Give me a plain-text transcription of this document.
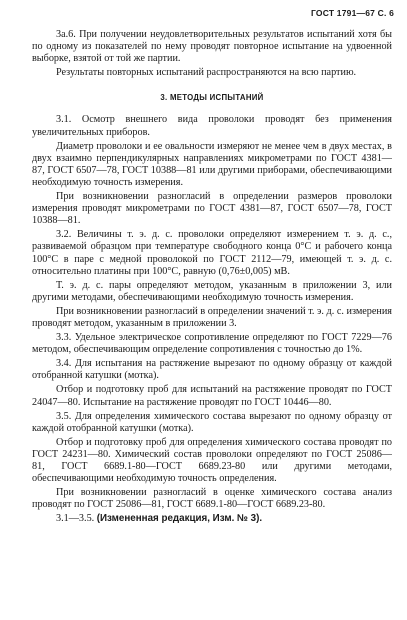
ГОСТ 1791—67 С. 6

3а.6. При получении неудовлетворительных результатов испытаний хотя бы по одному из показателей по нему проводят повторное испытание на удвоенной выборке, взятой от той же партии.

Результаты повторных испытаний распространяются на всю партию.

3. МЕТОДЫ ИСПЫТАНИЙ

3.1. Осмотр внешнего вида проволоки проводят без применения увеличительных приборов.

Диаметр проволоки и ее овальности измеряют не менее чем в двух местах, в двух взаимно перпендикулярных направлениях микрометрами по ГОСТ 4381—87, ГОСТ 6507—78, ГОСТ 10388—81 или другими приборами, обеспечивающими необходимую точность измерения.

При возникновении разногласий в определении размеров проволоки измерения проводят микрометрами по ГОСТ 4381—87, ГОСТ 6507—78, ГОСТ 10388—81.

3.2. Величины т. э. д. с. проволоки определяют измерением т. э. д. с., развиваемой образцом при температуре свободного конца 0°С и рабочего конца 100°С в паре с медной проволокой по ГОСТ 2112—79, имеющей т. э. д. с. относительно платины при 100°С, равную (0,76±0,005) мВ.

Т. э. д. с. пары определяют методом, указанным в приложении 3, или другими методами, обеспечивающими необходимую точность измерения.

При возникновении разногласий в определении значений т. э. д. с. измерения проводят методом, указанным в приложении 3.

3.3. Удельное электрическое сопротивление определяют по ГОСТ 7229—76 методом, обеспечивающим определение сопротивления с точностью до 1%.

3.4. Для испытания на растяжение вырезают по одному образцу от каждой отобранной катушки (мотка).

Отбор и подготовку проб для испытаний на растяжение проводят по ГОСТ 24047—80. Испытание на растяжение проводят по ГОСТ 10446—80.

3.5. Для определения химического состава вырезают по одному образцу от каждой отобранной катушки (мотка).

Отбор и подготовку проб для определения химического состава проводят по ГОСТ 24231—80. Химический состав проволоки определяют по ГОСТ 25086—81, ГОСТ 6689.1-80—ГОСТ 6689.23-80 или другими методами, обеспечивающими необходимую точность определения.

При возникновении разногласий в оценке химического состава анализ проводят по ГОСТ 25086—81, ГОСТ 6689.1-80—ГОСТ 6689.23-80.

3.1—3.5. (Измененная редакция, Изм. № 3).
